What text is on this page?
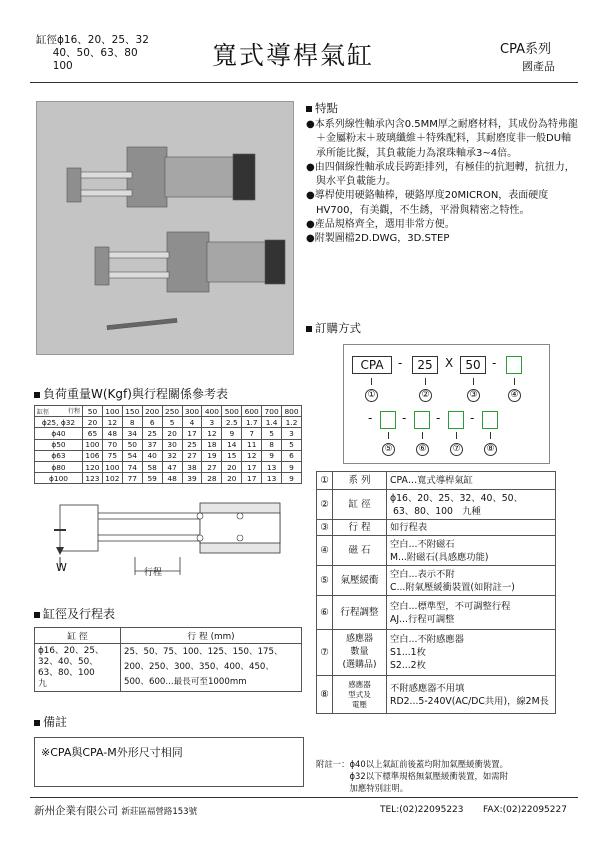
缸徑ϕ16、20、25、32
40、50、63、80
100	寬式導桿氣缸	CPA系列
國產品
特點
●本系列線性軸承內含0.5MM厚之耐磨材料，其成份為特弗龍＋金屬粉末＋玻璃纖維＋特殊配料，其耐磨度非一般DU軸承所能比擬，其負載能力為滾珠軸承3~4倍。
●由四個線性軸承成長跨距排列，有極佳的抗迴轉，抗扭力，與水平負載能力。
●導桿使用硬鉻軸棒，硬鉻厚度20MICRON，表面硬度HV700，有美觀，不生銹，平滑與精密之特性。
●產品規格齊全，選用非常方便。
●附製圖檔2D.DWG，3D.STEP
訂購方式
CPA	-	25	X	50 -
①	②	③	④
- - - -
⑤	⑥	⑦	⑧
負荷重量W(Kgf)與行程關係參考表
行程
缸徑	50	100	150	200	250	300	400	500	600	700	800
ϕ25, ϕ32	20	12	8	6	5	4	3	2.5	1.7	1.4	1.2
ϕ40	65	48	34	25	20	17	12	9	7	5	3
ϕ50	100	70	50	37	30	25	18	14	11	8	5
ϕ63	106	75	54	40	32	27	19	15	12	9	6
ϕ80	120	100	74	58	47	38	27	20	17	13	9
ϕ100	123	102	77	59	48	39	28	20	17	13	9
W	行程
缸徑及行程表
缸 徑	行 程 (mm)
ϕ16、20、25、
32、40、50、
63、80、100
九	25、50、75、100、125、150、175、
200、250、300、350、400、450、
500、600...最長可至1000mm
備註
※CPA與CPA-M外形尺寸相同
①	系 列	CPA…寬式導桿氣缸
②	缸 徑	ϕ16、20、25、32、40、50、
63、80、100　九種
③	行 程	如行程表
④	磁 石	空白...不附磁石
M...附磁石(具感應功能)
⑤	氣壓緩衝	空白...表示不附
C...附氣壓緩衝裝置(如附註一)
⑥	行程調整	空白...標準型，不可調整行程
AJ...行程可調整
⑦	感應器
數量
(選購品)	空白...不附感應器
S1...1枚
S2...2枚
⑧	感應器
型式及
電壓	不附感應器不用填
RD2...5-240V(AC/DC共用)，線2M長
附註一：ϕ40以上氣缸前後蓋均附加氣壓緩衝裝置。
　　　　ϕ32以下標準規格無氣壓緩衝裝置，如需附
　　　　加應特別註明。
新州企業有限公司 新莊區福營路153號	TEL:(02)22095223 FAX:(02)22095227
